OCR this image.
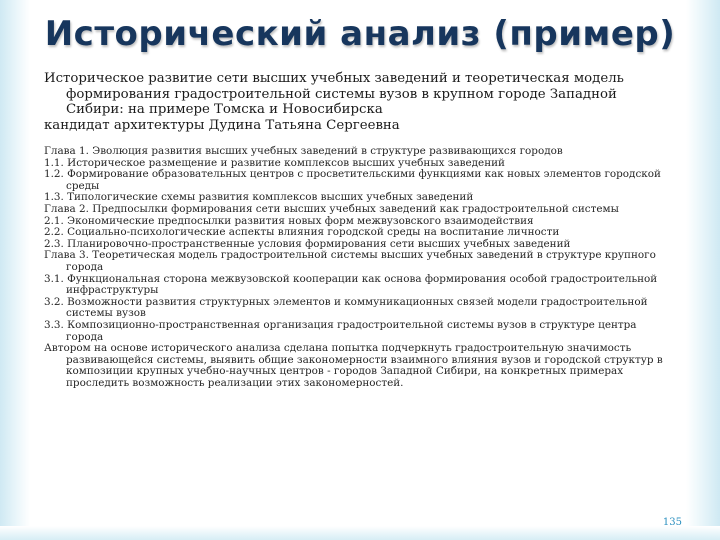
Исторический анализ (пример)
Историческое развитие сети высших учебных заведений и теоретическая модель формирования градостроительной системы вузов в крупном городе Западной Сибири: на примере Томска и Новосибирска
кандидат архитектуры Дудина Татьяна Сергеевна
Глава 1. Эволюция развития высших учебных заведений в структуре развивающихся городов
1.1. Историческое размещение и развитие комплексов высших учебных заведений
1.2. Формирование образовательных центров с просветительскими функциями как новых элементов городской среды
1.3. Типологические схемы развития комплексов высших учебных заведений
Глава 2. Предпосылки формирования сети высших учебных заведений как градостроительной системы
2.1. Экономические предпосылки развития новых форм межвузовского взаимодействия
2.2. Социально-психологические аспекты влияния городской среды на воспитание личности
2.3. Планировочно-пространственные условия формирования сети высших учебных заведений
Глава 3. Теоретическая модель градостроительной системы высших учебных заведений в структуре крупного города
3.1. Функциональная сторона межвузовской кооперации как основа формирования особой градостроительной инфраструктуры
3.2. Возможности развития структурных элементов и коммуникационных связей модели градостроительной системы вузов
3.3. Композиционно-пространственная организация градостроительной системы вузов в структуре центра города
Автором на основе исторического анализа сделана попытка подчеркнуть градостроительную значимость развивающейся системы, выявить общие закономерности взаимного влияния вузов и городской структур в композиции крупных учебно-научных центров - городов Западной Сибири, на конкретных примерах проследить возможность реализации этих закономерностей.
135
